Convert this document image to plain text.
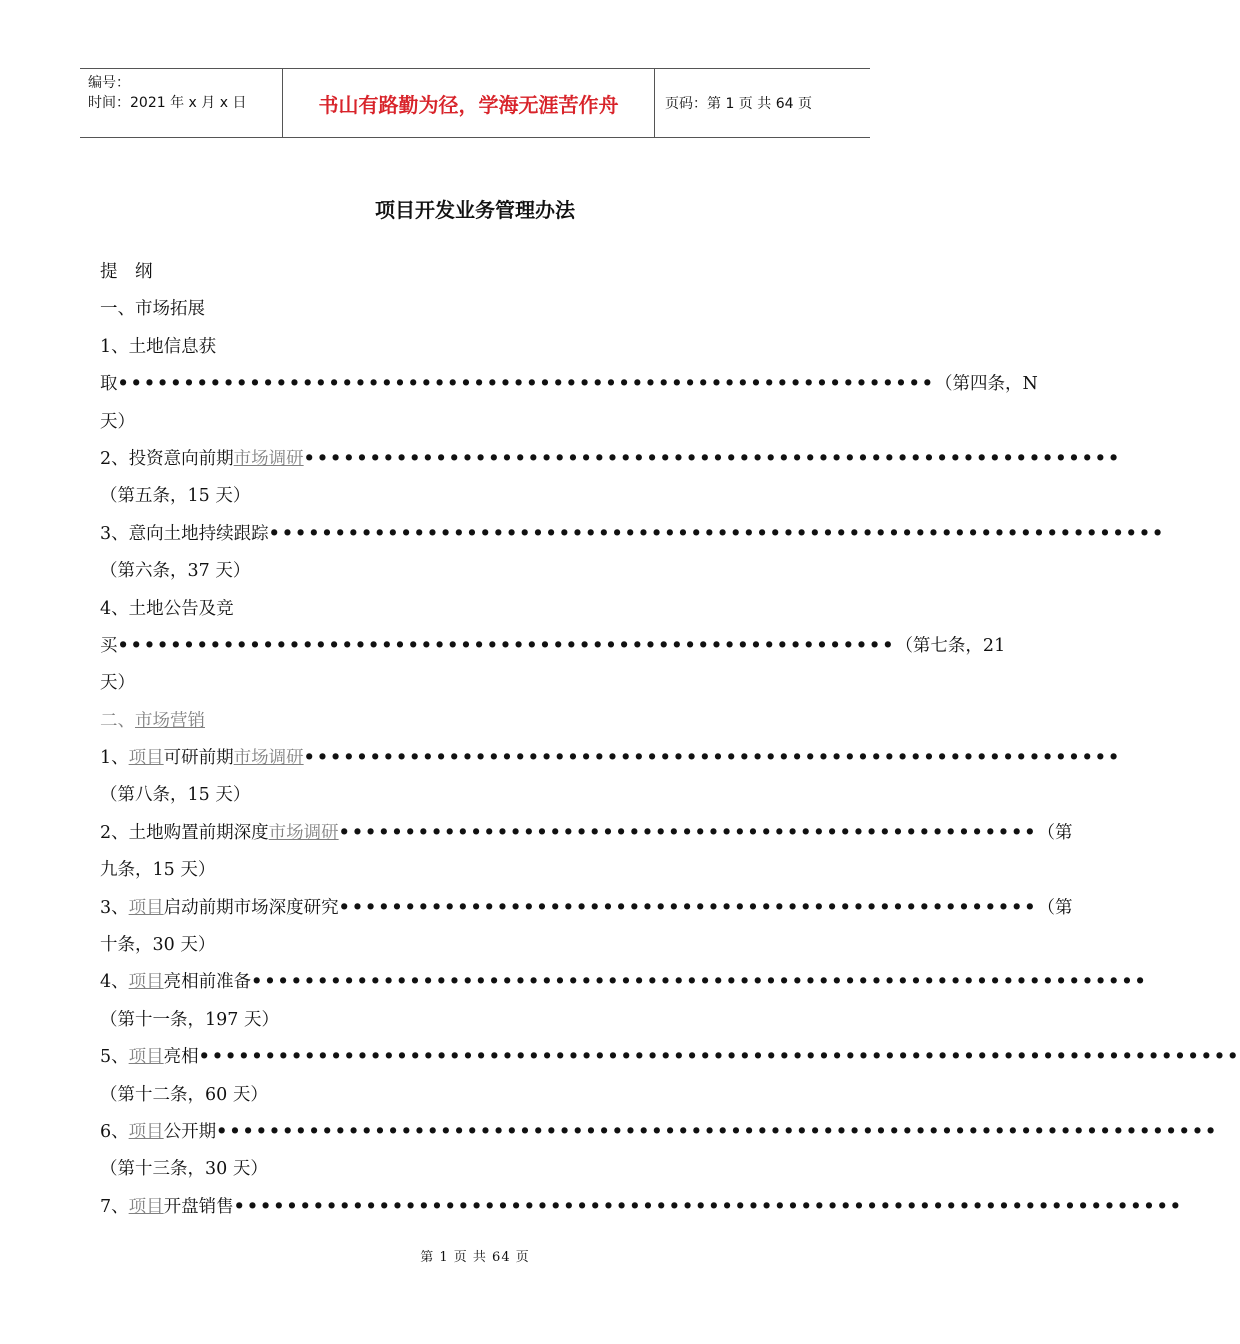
编号：
时间：2021 年 x 月 x 日	书山有路勤为径，学海无涯苦作舟	页码：第 1 页 共 64 页
项目开发业务管理办法
提　纲
一、市场拓展
1、土地信息获
取••••••••••••••••••••••••••••••••••••••••••••••••••••••••••••••（第四条，N
天）
2、投资意向前期市场调研••••••••••••••••••••••••••••••••••••••••••••••••••••••••••••••
（第五条，15 天）
3、意向土地持续跟踪••••••••••••••••••••••••••••••••••••••••••••••••••••••••••••••••••••
（第六条，37 天）
4、土地公告及竞
买•••••••••••••••••••••••••••••••••••••••••••••••••••••••••••（第七条，21
天）
二、市场营销
1、项目可研前期市场调研••••••••••••••••••••••••••••••••••••••••••••••••••••••••••••••
（第八条，15 天）
2、土地购置前期深度市场调研•••••••••••••••••••••••••••••••••••••••••••••••••••••（第
九条，15 天）
3、项目启动前期市场深度研究•••••••••••••••••••••••••••••••••••••••••••••••••••••（第
十条，30 天）
4、项目亮相前准备••••••••••••••••••••••••••••••••••••••••••••••••••••••••••••••••••••
（第十一条，197 天）
5、项目亮相•••••••••••••••••••••••••••••••••••••••••••••••••••••••••••••••••••••••••••••••
（第十二条，60 天）
6、项目公开期••••••••••••••••••••••••••••••••••••••••••••••••••••••••••••••••••••••••••••
（第十三条，30 天）
7、项目开盘销售••••••••••••••••••••••••••••••••••••••••••••••••••••••••••••••••••••••••
第 1 页 共 64 页
